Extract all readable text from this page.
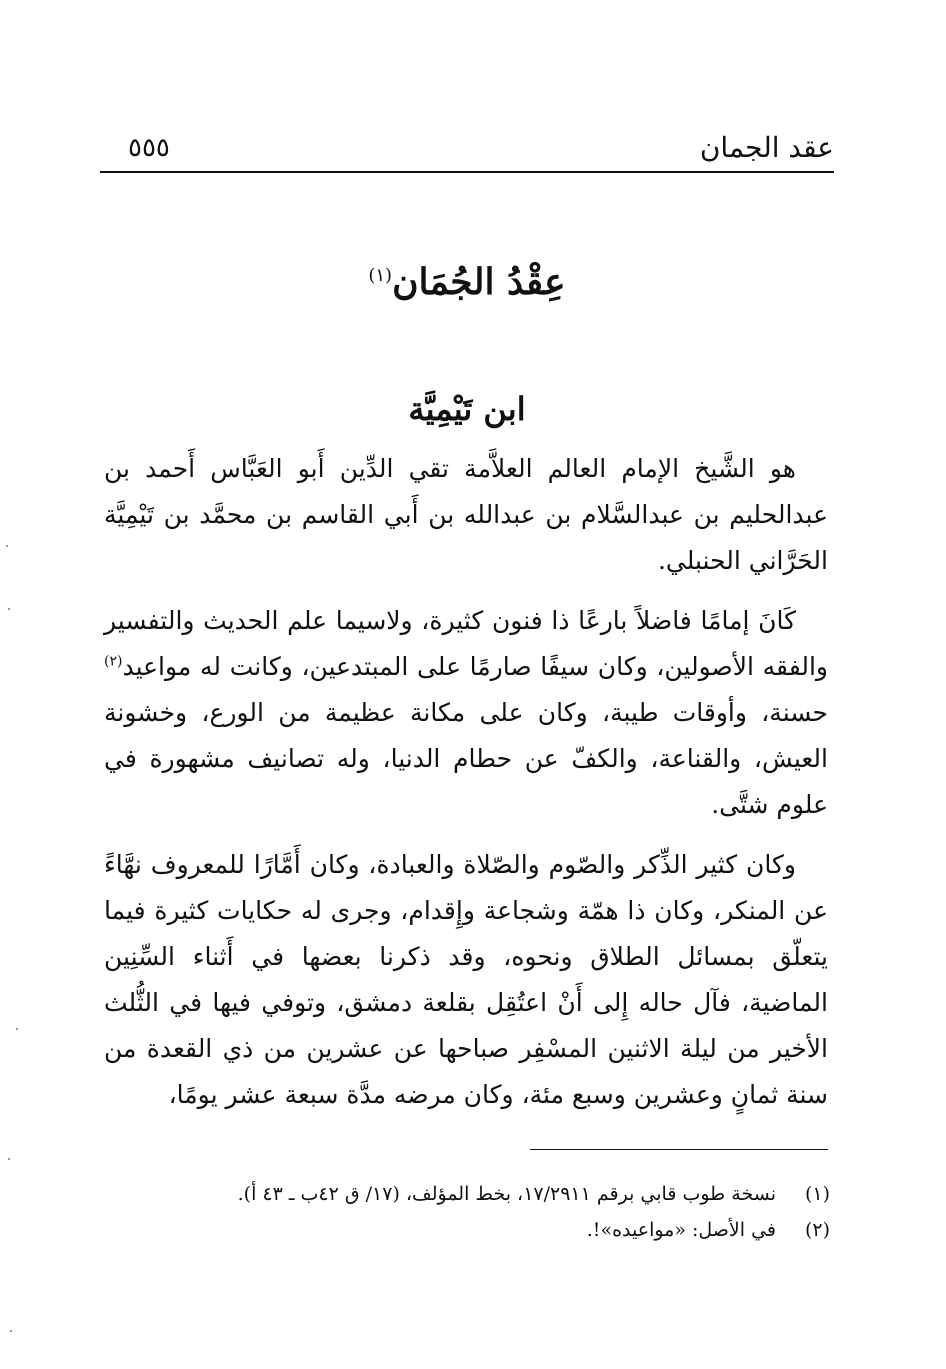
عقد الجمان
٥٥٥
عِقْدُ الجُمَان$^{(١)}$
ابن تَيْمِيَّة

هو الشَّيخ الإمام العالم العلاَّمة تقي الدِّين أَبو العَبَّاس أَحمد بن عبدالحليم بن عبدالسَّلام بن عبدالله بن أَبي القاسم بن محمَّد بن تَيْمِيَّة الحَرَّاني الحنبلي.

كَانَ إمامًا فاضلاً بارعًا ذا فنون كثيرة، ولاسيما علم الحديث والتفسير والفقه الأصولين، وكان سيفًا صارمًا على المبتدعين، وكانت له مواعيد$^{(٢)}$ حسنة، وأوقات طيبة، وكان على مكانة عظيمة من الورع، وخشونة العيش، والقناعة، والكفّ عن حطام الدنيا، وله تصانيف مشهورة في علوم شتَّى.

وكان كثير الذِّكر والصّوم والصّلاة والعبادة، وكان أَمَّارًا للمعروف نهَّاءً عن المنكر، وكان ذا همّة وشجاعة وإِقدام، وجرى له حكايات كثيرة فيما يتعلّق بمسائل الطلاق ونحوه، وقد ذكرنا بعضها في أَثناء السِّنِين الماضية، فآل حاله إِلى أَنْ اعتُقِل بقلعة دمشق، وتوفي فيها في الثُّلث الأخير من ليلة الاثنين المسْفِر صباحها عن عشرين من ذي القعدة من سنة ثمانٍ وعشرين وسبع مئة، وكان مرضه مدَّة سبعة عشر يومًا،

(١)
نسخة طوب قابي برقم ١٧/٢٩١١، بخط المؤلف، (١٧/ ق ٤٢ب ـ ٤٣ أ).
(٢)
في الأصل: «مواعيده»!.
